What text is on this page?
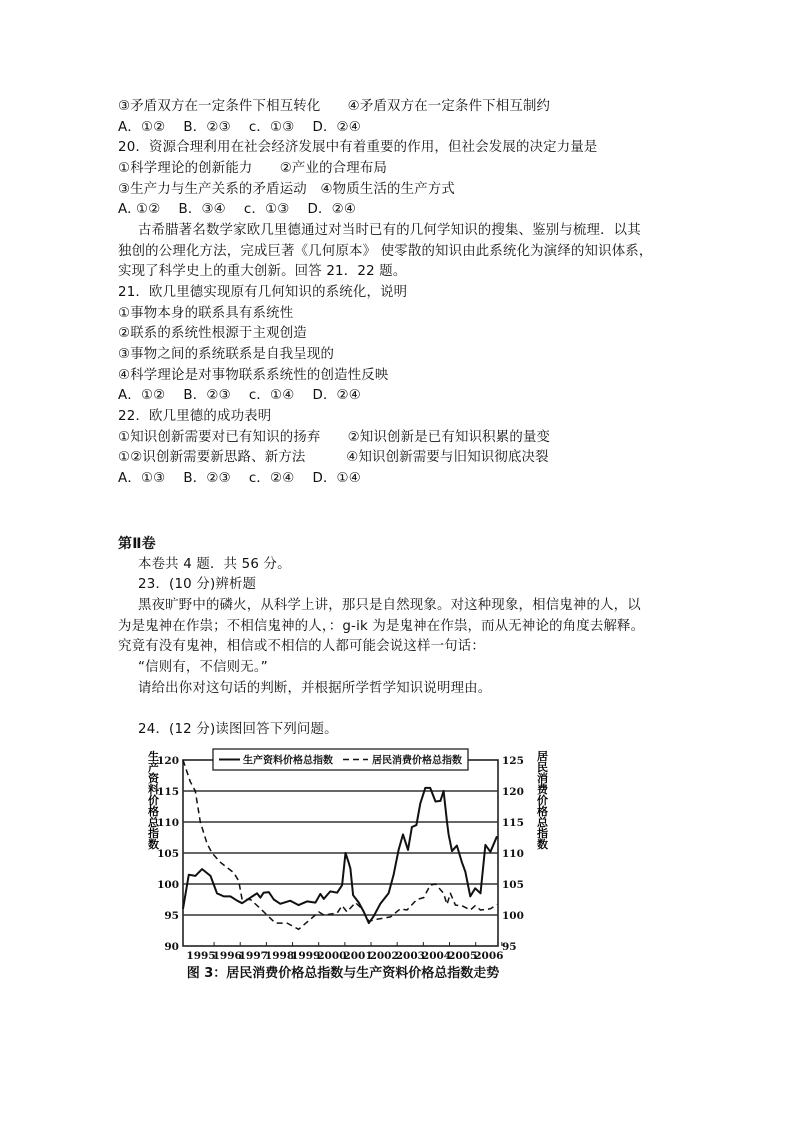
③矛盾双方在一定条件下相互转化　　④矛盾双方在一定条件下相互制约
A．①②　 B．②③　 c．①③　 D．②④
20．资源合理利用在社会经济发展中有着重要的作用，但社会发展的决定力量是
①科学理论的创新能力　　②产业的合理布局
③生产力与生产关系的矛盾运动　④物质生活的生产方式
A. ①②　 B．③④　 c．①③　 D．②④
古希腊著名数学家欧几里德通过对当时已有的几何学知识的搜集、鉴别与梳理．以其
独创的公理化方法，完成巨著《几何原本》 使零散的知识由此系统化为演绎的知识体系，
实现了科学史上的重大创新。回答 21．22 题。
21．欧几里德实现原有几何知识的系统化，说明
①事物本身的联系具有系统性
②联系的系统性根源于主观创造
③事物之间的系统联系是自我呈现的
④科学理论是对事物联系系统性的创造性反映
A．①②　 B．②③　 c．①④　 D．②④
22．欧几里德的成功表明
①知识创新需要对已有知识的扬弃　　②知识创新是已有知识积累的量变
①②识创新需要新思路、新方法　　　④知识创新需要与旧知识彻底决裂
A．①③　 B．②③　 c．②④　 D．①④
第Ⅱ卷
本卷共 4 题．共 56 分。
23．(10 分)辨析题
黑夜旷野中的磷火，从科学上讲，那只是自然现象。对这种现象，相信鬼神的人，以
为是鬼神在作祟；不相信鬼神的人，：g-ik 为是鬼神在作祟，而从无神论的角度去解释。
究竟有没有鬼神，相信或不相信的人都可能会说这样一句话：
“信则有，不信则无。”
请给出你对这句话的判断，并根据所学哲学知识说明理由。
24．(12 分)读图回答下列问题。
90
95
100
105
110
115
120
95
100
105
110
115
120
125
1995
1996
1997
1998
1999
2000
2001
2002
2003
2004
2005
2006
生产资料价格总指数	居民消费价格总指数
生产资料价格总指数	居民消费价格总指数
图 3：居民消费价格总指数与生产资料价格总指数走势
